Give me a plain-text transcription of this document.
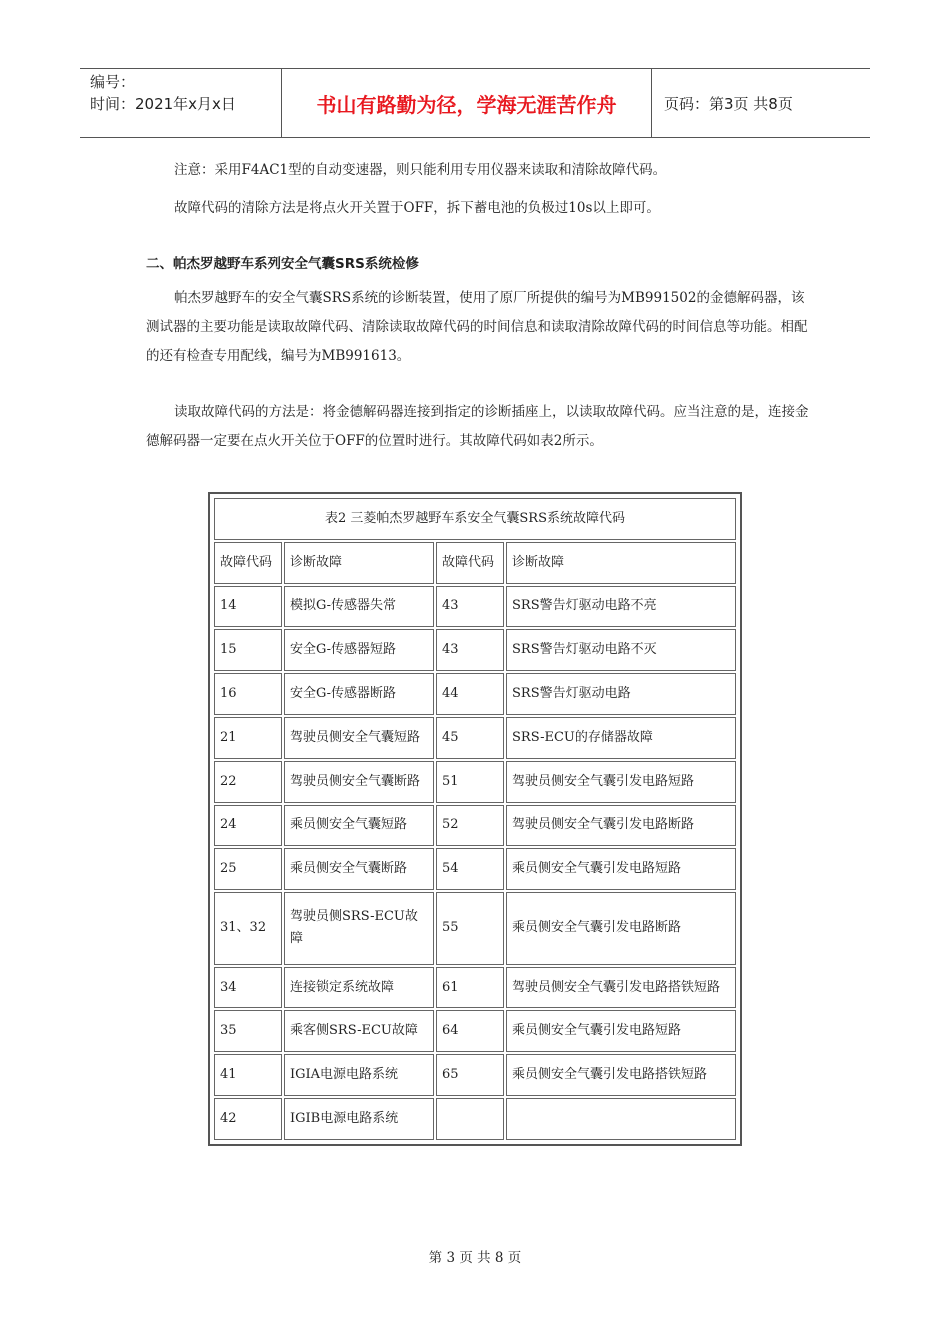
编号：
时间：2021年x月x日	书山有路勤为径，学海无涯苦作舟	页码：第3页 共8页

注意：采用F4AC1型的自动变速器，则只能利用专用仪器来读取和清除故障代码。

故障代码的清除方法是将点火开关置于OFF，拆下蓄电池的负极过10s以上即可。

二、帕杰罗越野车系列安全气囊SRS系统检修

帕杰罗越野车的安全气囊SRS系统的诊断装置，使用了原厂所提供的编号为MB991502的金德解码器，该测试器的主要功能是读取故障代码、清除读取故障代码的时间信息和读取清除故障代码的时间信息等功能。相配的还有检查专用配线，编号为MB991613。

读取故障代码的方法是：将金德解码器连接到指定的诊断插座上，以读取故障代码。应当注意的是，连接金德解码器一定要在点火开关位于OFF的位置时进行。其故障代码如表2所示。

表2 三菱帕杰罗越野车系安全气囊SRS系统故障代码			
故障代码	诊断故障	故障代码	诊断故障
14	模拟G-传感器失常	43	SRS警告灯驱动电路不亮
15	安全G-传感器短路	43	SRS警告灯驱动电路不灭
16	安全G-传感器断路	44	SRS警告灯驱动电路
21	驾驶员侧安全气囊短路	45	SRS-ECU的存储器故障
22	驾驶员侧安全气囊断路	51	驾驶员侧安全气囊引发电路短路
24	乘员侧安全气囊短路	52	驾驶员侧安全气囊引发电路断路
25	乘员侧安全气囊断路	54	乘员侧安全气囊引发电路短路
31、32	驾驶员侧SRS-ECU故障	55	乘员侧安全气囊引发电路断路
34	连接锁定系统故障	61	驾驶员侧安全气囊引发电路搭铁短路
35	乘客侧SRS-ECU故障	64	乘员侧安全气囊引发电路短路
41	IGIA电源电路系统	65	乘员侧安全气囊引发电路搭铁短路
42	IGIB电源电路系统		
第 3 页 共 8 页
